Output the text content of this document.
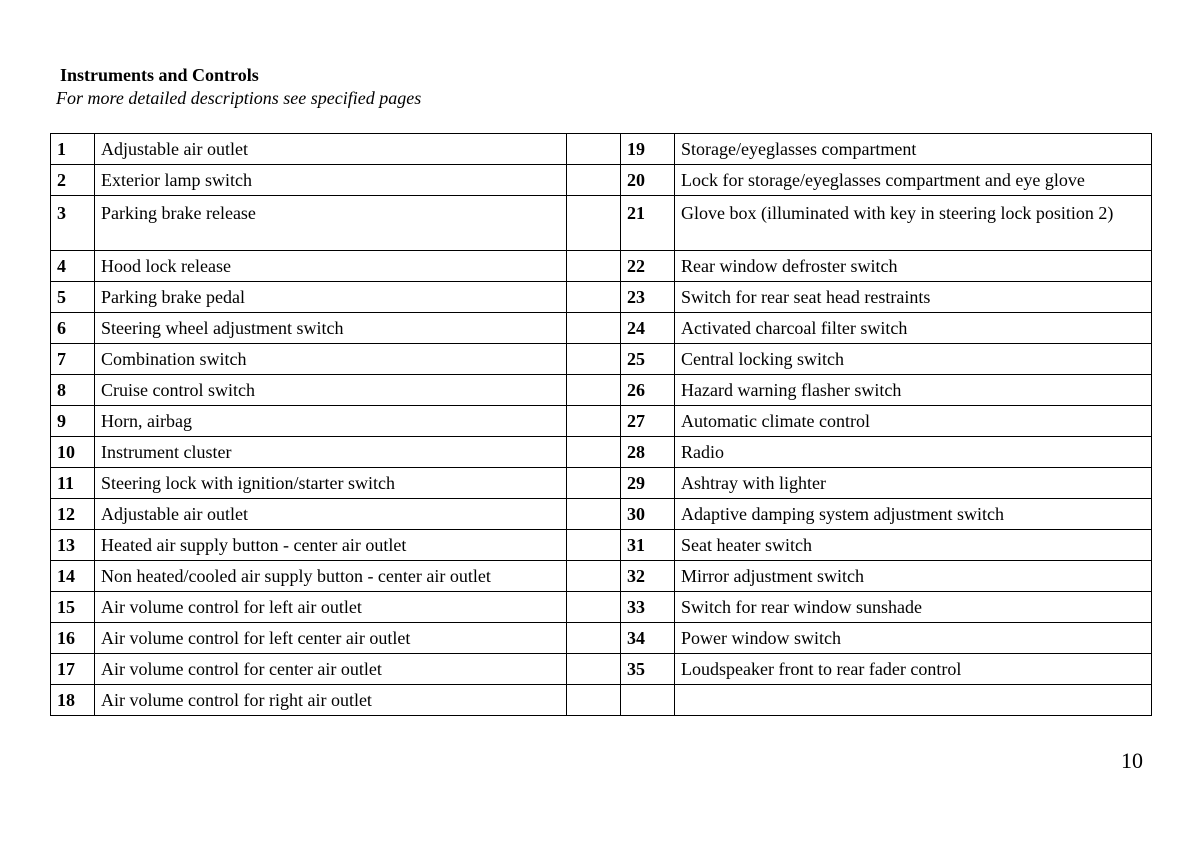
Instruments and Controls
For more detailed descriptions see specified pages
1	Adjustable air outlet		19	Storage/eyeglasses compartment
2	Exterior lamp switch		20	Lock for storage/eyeglasses compartment and eye glove
3	Parking brake release		21	Glove box (illuminated with key in steering lock position 2)
4	Hood lock release		22	Rear window defroster switch
5	Parking brake pedal		23	Switch for rear seat head restraints
6	Steering wheel adjustment switch		24	Activated charcoal filter switch
7	Combination switch		25	Central locking switch
8	Cruise control switch		26	Hazard warning flasher switch
9	Horn, airbag		27	Automatic climate control
10	Instrument cluster		28	Radio
11	Steering lock with ignition/starter switch		29	Ashtray with lighter
12	Adjustable air outlet		30	Adaptive damping system adjustment switch
13	Heated air supply button - center air outlet		31	Seat heater switch
14	Non heated/cooled air supply button - center air outlet		32	Mirror adjustment switch
15	Air volume control for left air outlet		33	Switch for rear window sunshade
16	Air volume control for left center air outlet		34	Power window switch
17	Air volume control for center air outlet		35	Loudspeaker front to rear fader control
18	Air volume control for right air outlet			
10
